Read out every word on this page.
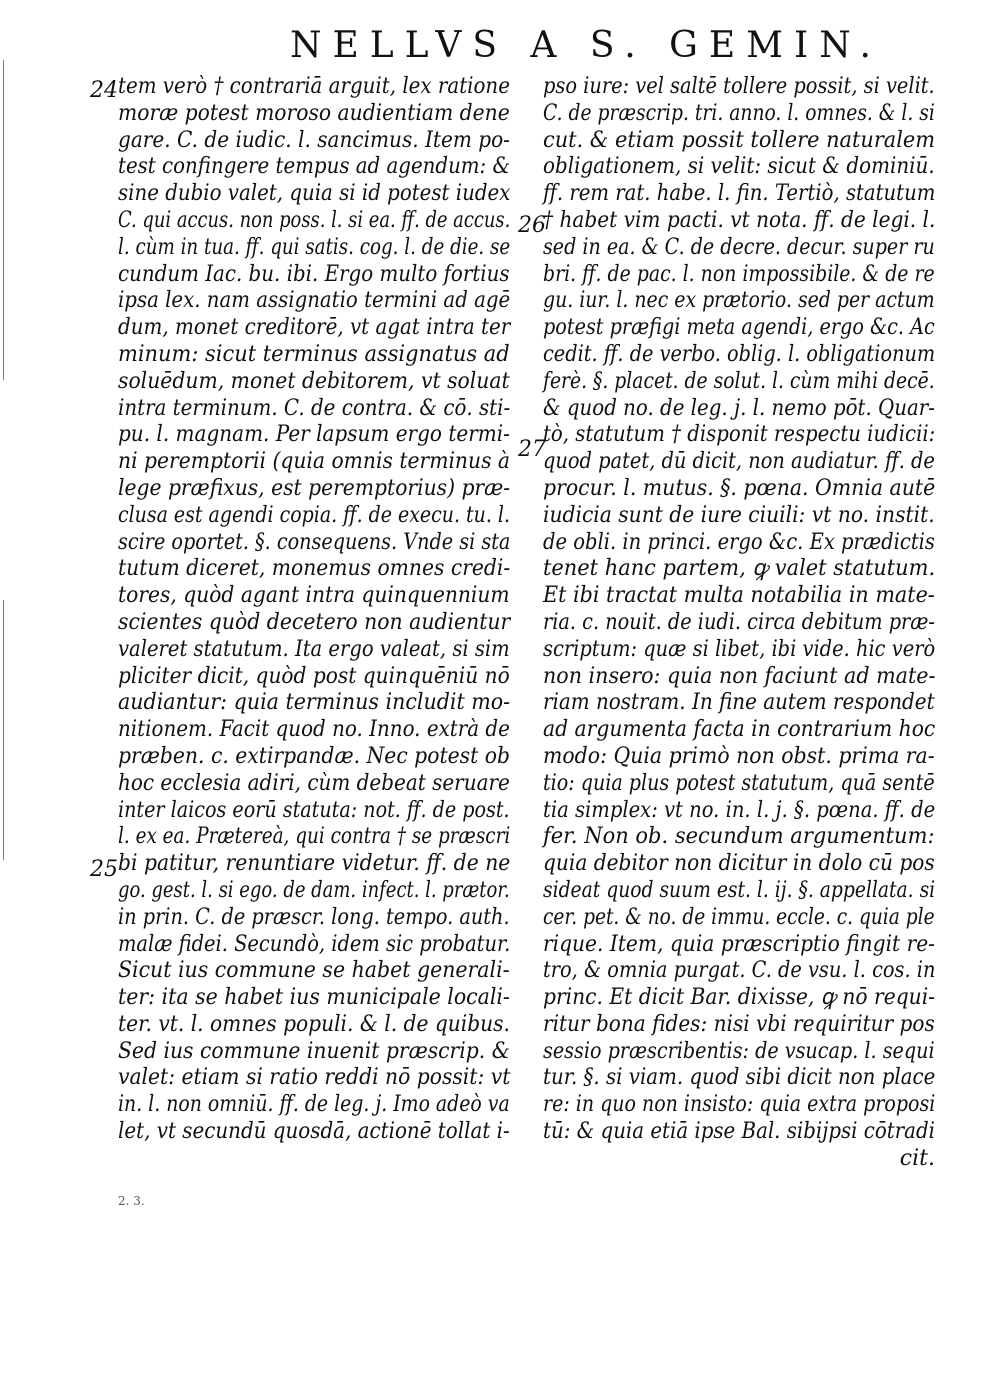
NELLVS A S. GEMIN.
24
25
26
27
tem verò † contrariā arguit, lex ratione
moræ potest moroso audientiam dene
gare. C. de iudic. l. sancimus. Item po-
test confingere tempus ad agendum: &
sine dubio valet, quia si id potest iudex
C. qui accus. non poss. l. si ea. ff. de accus.
l. cùm in tua. ff. qui satis. cog. l. de die. se
cundum Iac. bu. ibi. Ergo multo fortius
ipsa lex. nam assignatio termini ad agē
dum, monet creditorē, vt agat intra ter
minum: sicut terminus assignatus ad
soluēdum, monet debitorem, vt soluat
intra terminum. C. de contra. & cō. sti-
pu. l. magnam. Per lapsum ergo termi-
ni peremptorii (quia omnis terminus à
lege præfixus, est peremptorius) præ-
clusa est agendi copia. ff. de execu. tu. l.
scire oportet. §. consequens. Vnde si sta
tutum diceret, monemus omnes credi-
tores, quòd agant intra quinquennium
scientes quòd decetero non audientur
valeret statutum. Ita ergo valeat, si sim
pliciter dicit, quòd post quinquēniū nō
audiantur: quia terminus includit mo-
nitionem. Facit quod no. Inno. extrà de
præben. c. extirpandæ. Nec potest ob
hoc ecclesia adiri, cùm debeat seruare
inter laicos eorū statuta: not. ff. de post.
l. ex ea. Prætereà, qui contra † se præscri
bi patitur, renuntiare videtur. ff. de ne
go. gest. l. si ego. de dam. infect. l. prætor.
in prin. C. de præscr. long. tempo. auth.
malæ fidei. Secundò, idem sic probatur.
Sicut ius commune se habet generali-
ter: ita se habet ius municipale locali-
ter. vt. l. omnes populi. & l. de quibus.
Sed ius commune inuenit præscrip. &
valet: etiam si ratio reddi nō possit: vt
in. l. non omniū. ff. de leg. j. Imo adeò va
let, vt secundū quosdā, actionē tollat i-
pso iure: vel saltē tollere possit, si velit.
C. de præscrip. tri. anno. l. omnes. & l. si
cut. & etiam possit tollere naturalem
obligationem, si velit: sicut & dominiū.
ff. rem rat. habe. l. fin. Tertiò, statutum
† habet vim pacti. vt nota. ff. de legi. l.
sed in ea. & C. de decre. decur. super ru
bri. ff. de pac. l. non impossibile. & de re
gu. iur. l. nec ex prætorio. sed per actum
potest præfigi meta agendi, ergo &c. Ac
cedit. ff. de verbo. oblig. l. obligationum
ferè. §. placet. de solut. l. cùm mihi decē.
& quod no. de leg. j. l. nemo pōt. Quar-
tò, statutum † disponit respectu iudicii:
quod patet, dū dicit, non audiatur. ff. de
procur. l. mutus. §. pœna. Omnia autē
iudicia sunt de iure ciuili: vt no. instit.
de obli. in princi. ergo &c. Ex prædictis
tenet hanc partem, ꝙ valet statutum.
Et ibi tractat multa notabilia in mate-
ria. c. nouit. de iudi. circa debitum præ-
scriptum: quæ si libet, ibi vide. hic verò
non insero: quia non faciunt ad mate-
riam nostram. In fine autem respondet
ad argumenta facta in contrarium hoc
modo: Quia primò non obst. prima ra-
tio: quia plus potest statutum, quā sentē
tia simplex: vt no. in. l. j. §. pœna. ff. de
fer. Non ob. secundum argumentum:
quia debitor non dicitur in dolo cū pos
sideat quod suum est. l. ij. §. appellata. si
cer. pet. & no. de immu. eccle. c. quia ple
rique. Item, quia præscriptio fingit re-
tro, & omnia purgat. C. de vsu. l. cos. in
princ. Et dicit Bar. dixisse, ꝙ nō requi-
ritur bona fides: nisi vbi requiritur pos
sessio præscribentis: de vsucap. l. sequi
tur. §. si viam. quod sibi dicit non place
re: in quo non insisto: quia extra proposi
tū: & quia etiā ipse Bal. sibijpsi cōtradi
cit.
2. 3.
